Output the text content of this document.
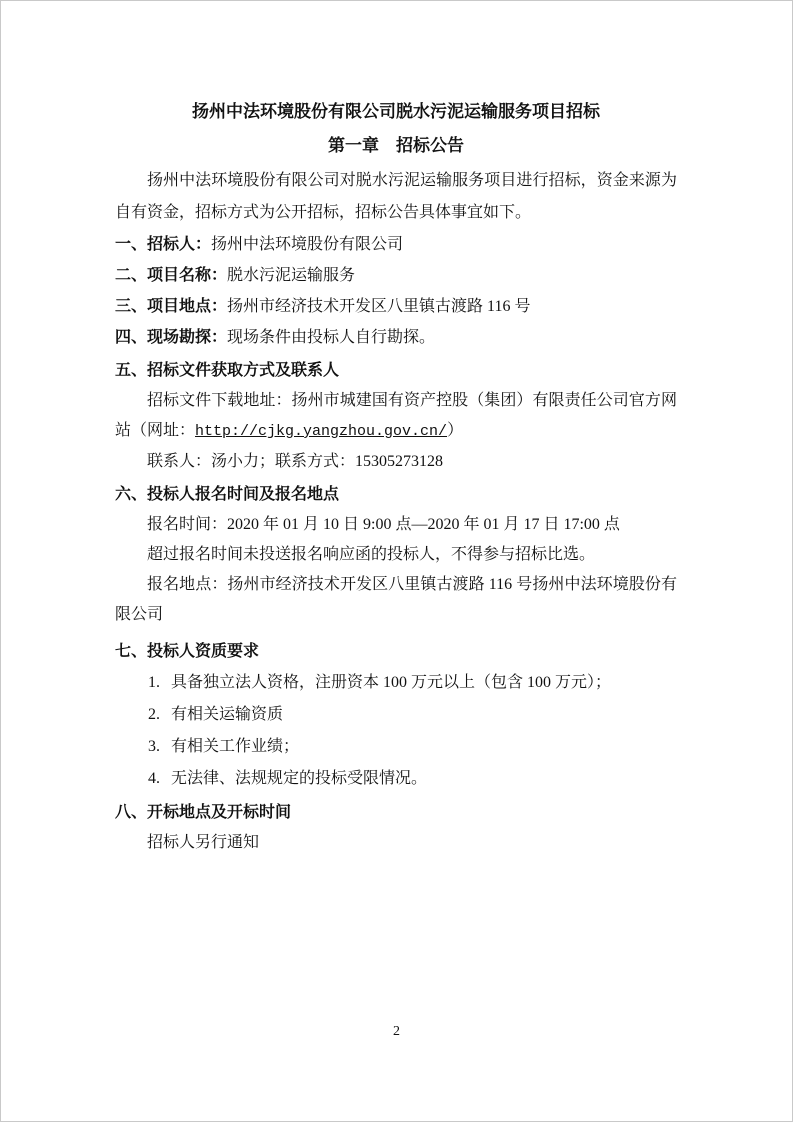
扬州中法环境股份有限公司脱水污泥运输服务项目招标
第一章　招标公告

扬州中法环境股份有限公司对脱水污泥运输服务项目进行招标，资金来源为自有资金，招标方式为公开招标，招标公告具体事宜如下。

一、招标人：扬州中法环境股份有限公司

二、项目名称：脱水污泥运输服务

三、项目地点：扬州市经济技术开发区八里镇古渡路 116 号

四、现场勘探：现场条件由投标人自行勘探。

五、招标文件获取方式及联系人

招标文件下载地址：扬州市城建国有资产控股（集团）有限责任公司官方网站（网址：http://cjkg.yangzhou.gov.cn/）

联系人：汤小力；联系方式：15305273128

六、投标人报名时间及报名地点

报名时间：2020 年 01 月 10 日 9:00 点—2020 年 01 月 17 日 17:00 点

超过报名时间未投送报名响应函的投标人，不得参与招标比选。

报名地点：扬州市经济技术开发区八里镇古渡路 116 号扬州中法环境股份有限公司

七、投标人资质要求

1. 具备独立法人资格，注册资本 100 万元以上（包含 100 万元）；

2. 有相关运输资质

3. 有相关工作业绩；

4. 无法律、法规规定的投标受限情况。

八、开标地点及开标时间

招标人另行通知

2
